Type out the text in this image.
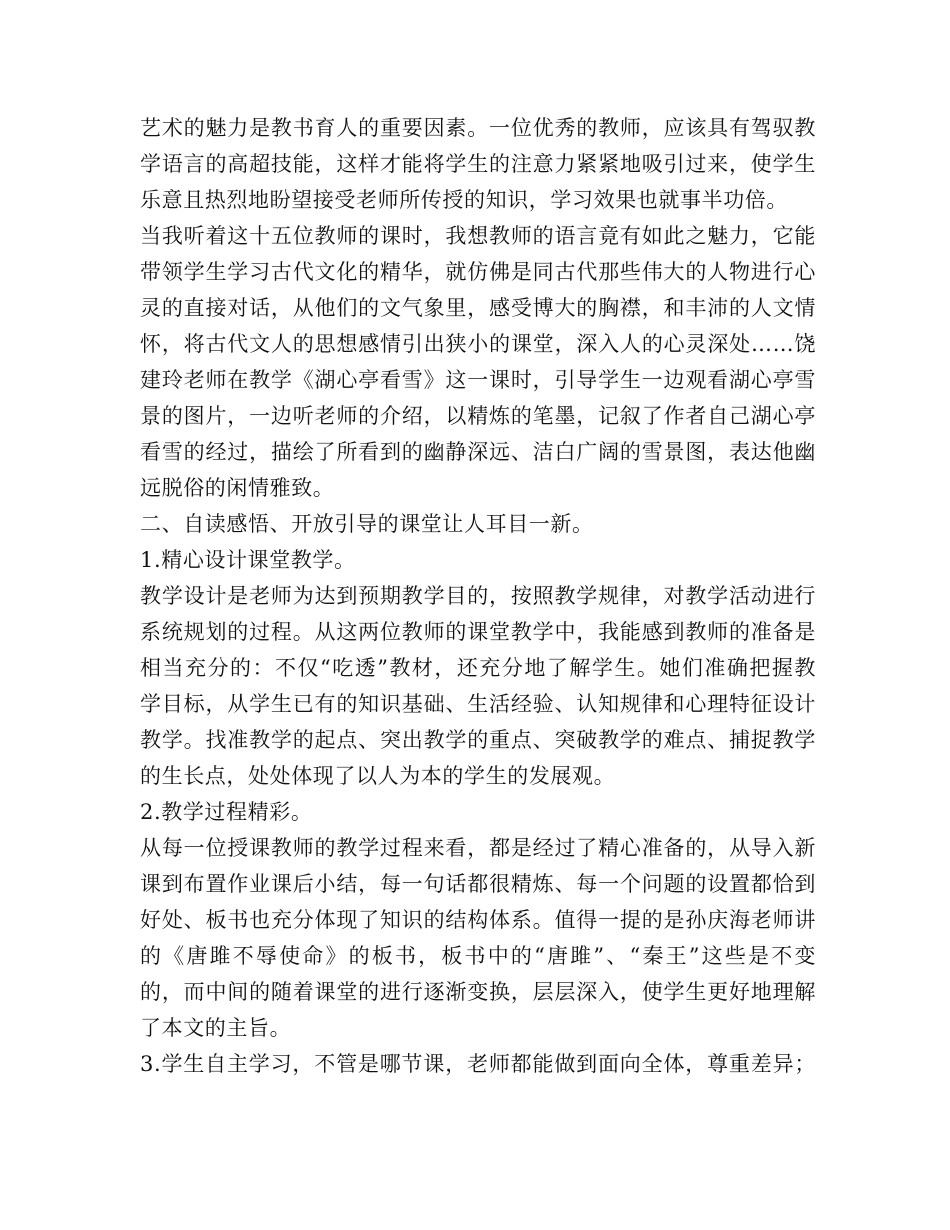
艺术的魅力是教书育人的重要因素。一位优秀的教师，应该具有驾驭教
学语言的高超技能，这样才能将学生的注意力紧紧地吸引过来，使学生
乐意且热烈地盼望接受老师所传授的知识，学习效果也就事半功倍。
当我听着这十五位教师的课时，我想教师的语言竟有如此之魅力，它能
带领学生学习古代文化的精华，就仿佛是同古代那些伟大的人物进行心
灵的直接对话，从他们的文气象里，感受博大的胸襟，和丰沛的人文情
怀，将古代文人的思想感情引出狭小的课堂，深入人的心灵深处……饶
建玲老师在教学《湖心亭看雪》这一课时，引导学生一边观看湖心亭雪
景的图片，一边听老师的介绍，以精炼的笔墨，记叙了作者自己湖心亭
看雪的经过，描绘了所看到的幽静深远、洁白广阔的雪景图，表达他幽
远脱俗的闲情雅致。
二、自读感悟、开放引导的课堂让人耳目一新。
1.精心设计课堂教学。
教学设计是老师为达到预期教学目的，按照教学规律，对教学活动进行
系统规划的过程。从这两位教师的课堂教学中，我能感到教师的准备是
相当充分的：不仅“吃透”教材，还充分地了解学生。她们准确把握教
学目标，从学生已有的知识基础、生活经验、认知规律和心理特征设计
教学。找准教学的起点、突出教学的重点、突破教学的难点、捕捉教学
的生长点，处处体现了以人为本的学生的发展观。
2.教学过程精彩。
从每一位授课教师的教学过程来看，都是经过了精心准备的，从导入新
课到布置作业课后小结，每一句话都很精炼、每一个问题的设置都恰到
好处、板书也充分体现了知识的结构体系。值得一提的是孙庆海老师讲
的《唐雎不辱使命》的板书，板书中的“唐雎”、“秦王”这些是不变
的，而中间的随着课堂的进行逐渐变换，层层深入，使学生更好地理解
了本文的主旨。
3.学生自主学习，不管是哪节课，老师都能做到面向全体，尊重差异；
